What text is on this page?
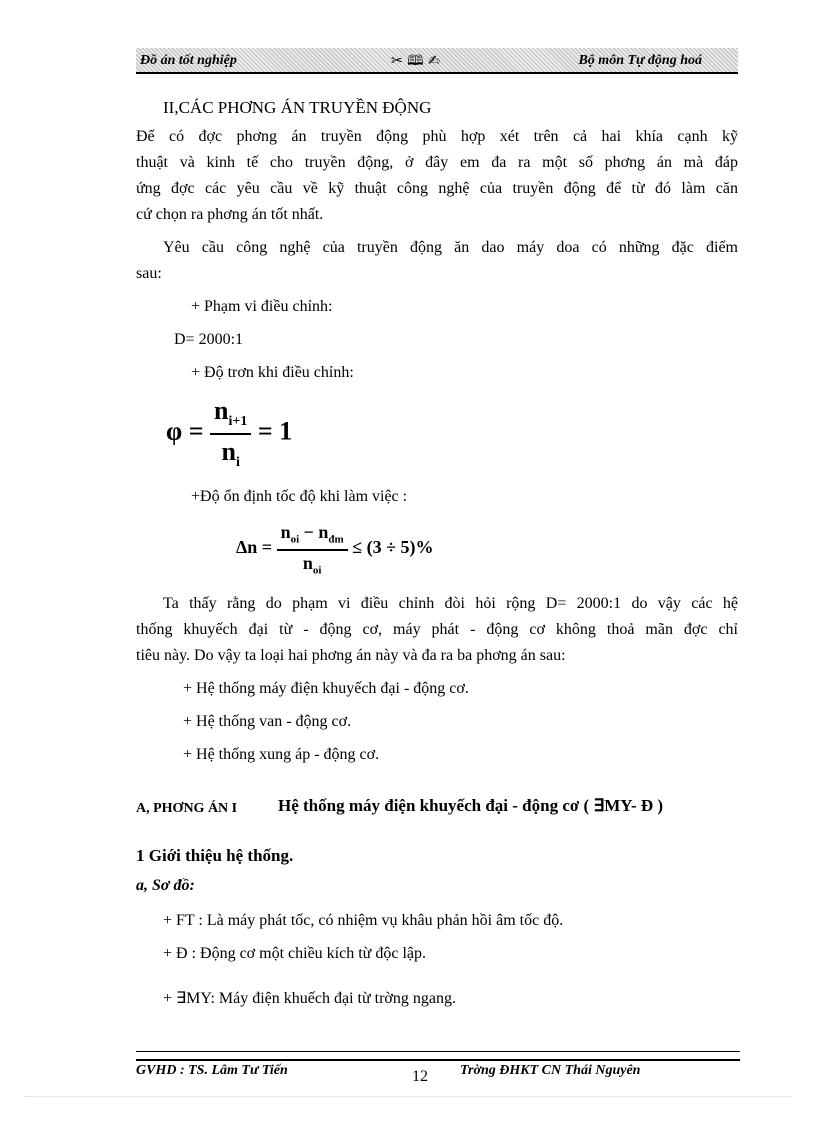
Đồ án tốt nghiệp	✂ 🕮 ✍	Bộ môn Tự động hoá
II,CÁC PHƠNG ÁN TRUYỀN ĐỘNG
Để có đợc phơng án truyền động phù hợp xét trên cả hai khía cạnh kỹ
thuật và kinh tế cho truyền động, ở đây em đa ra một số phơng án mà đáp
ứng đợc các yêu cầu về kỹ thuật công nghệ của truyền động để từ đó làm căn
cứ chọn ra phơng án tốt nhất.
Yêu cầu công nghệ của truyền động ăn dao máy doa có những đặc điểm
sau:
+ Phạm vi điều chỉnh:
D= 2000:1
+ Độ trơn khi điều chỉnh:
$\varphi = \frac{n_{i+1}}{n_i} = 1$
+Độ ổn định tốc độ khi làm việc :
$\Delta n = \frac{n_{oi} - n_{đm}}{n_{oi}} \le (3 \div 5)\%$
Ta thấy rằng do phạm vi điều chỉnh đòi hỏi rộng D= 2000:1 do vậy các hệ
thống khuyếch đại từ - động cơ, máy phát - động cơ không thoả mãn đợc chỉ
tiêu này. Do vậy ta loại hai phơng án này và đa ra ba phơng án sau:
+ Hệ thống máy điện khuyếch đại - động cơ.
+ Hệ thống van - động cơ.
+ Hệ thống xung áp - động cơ.
A, PHƠNG ÁN I Hệ thống máy điện khuyếch đại - động cơ ( ∃MY- Đ )
1 Giới thiệu hệ thống.
a, Sơ đồ:
+ FT : Là máy phát tốc, có nhiệm vụ khâu phản hồi âm tốc độ.
+ Đ : Động cơ một chiều kích từ độc lập.
+ ∃MY: Máy điện khuếch đại từ trờng ngang.
GVHD : TS. Lâm Tư Tiến	12 Trờng ĐHKT CN Thái Nguyên
